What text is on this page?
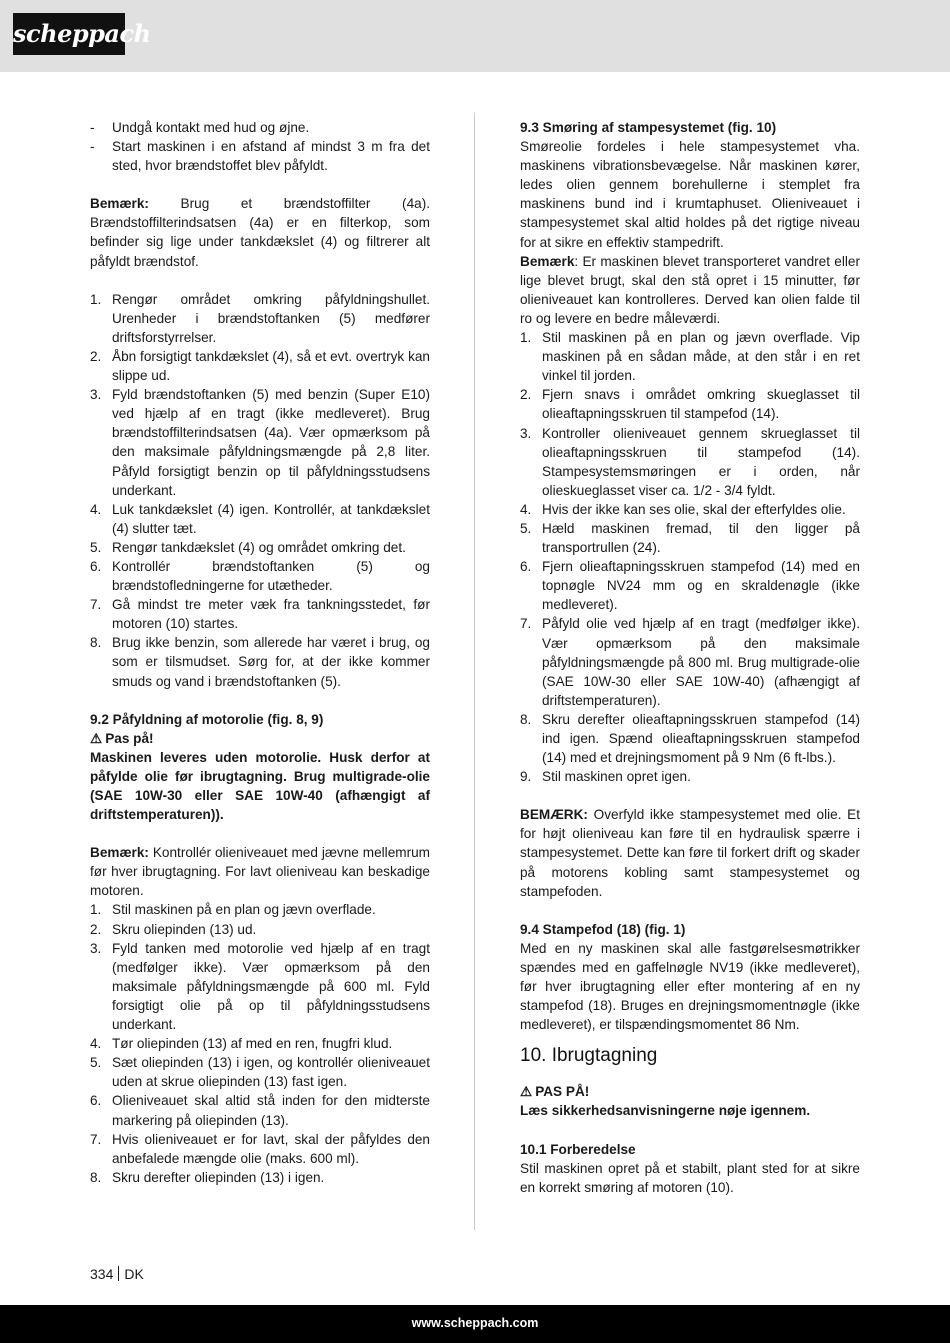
scheppach
- Undgå kontakt med hud og øjne.
- Start maskinen i en afstand af mindst 3 m fra det sted, hvor brændstoffet blev påfyldt.

Bemærk: Brug et brændstoffilter (4a). Brændstoffilterindsatsen (4a) er en filterkop, som befinder sig lige under tankdækslet (4) og filtrerer alt påfyldt brændstof.

1. Rengør området omkring påfyldningshullet. Urenheder i brændstoftanken (5) medfører driftsforstyrrelser.
2. Åbn forsigtigt tankdækslet (4), så et evt. overtryk kan slippe ud.
3. Fyld brændstoftanken (5) med benzin (Super E10) ved hjælp af en tragt (ikke medleveret). Brug brændstoffilterindsatsen (4a). Vær opmærksom på den maksimale påfyldningsmængde på 2,8 liter. Påfyld forsigtigt benzin op til påfyldningsstudsens underkant.
4. Luk tankdækslet (4) igen. Kontrollér, at tankdækslet (4) slutter tæt.
5. Rengør tankdækslet (4) og området omkring det.
6. Kontrollér brændstoftanken (5) og brændstofledningerne for utætheder.
7. Gå mindst tre meter væk fra tankningsstedet, før motoren (10) startes.
8. Brug ikke benzin, som allerede har været i brug, og som er tilsmudset. Sørg for, at der ikke kommer smuds og vand i brændstoftanken (5).

9.2 Påfyldning af motorolie (fig. 8, 9)

⚠ Pas på!

Maskinen leveres uden motorolie. Husk derfor at påfylde olie før ibrugtagning. Brug multigrade-olie (SAE 10W-30 eller SAE 10W-40 (afhængigt af driftstemperaturen)).

Bemærk: Kontrollér olieniveauet med jævne mellemrum før hver ibrugtagning. For lavt olieniveau kan beskadige motoren.

1. Stil maskinen på en plan og jævn overflade.
2. Skru oliepinden (13) ud.
3. Fyld tanken med motorolie ved hjælp af en tragt (medfølger ikke). Vær opmærksom på den maksimale påfyldningsmængde på 600 ml. Fyld forsigtigt olie på op til påfyldningsstudsens underkant.
4. Tør oliepinden (13) af med en ren, fnugfri klud.
5. Sæt oliepinden (13) i igen, og kontrollér olieniveauet uden at skrue oliepinden (13) fast igen.
6. Olieniveauet skal altid stå inden for den midterste markering på oliepinden (13).
7. Hvis olieniveauet er for lavt, skal der påfyldes den anbefalede mængde olie (maks. 600 ml).
8. Skru derefter oliepinden (13) i igen.

9.3 Smøring af stampesystemet (fig. 10)

Smøreolie fordeles i hele stampesystemet vha. maskinens vibrationsbevægelse. Når maskinen kører, ledes olien gennem borehullerne i stemplet fra maskinens bund ind i krumtaphuset. Olieniveauet i stampesystemet skal altid holdes på det rigtige niveau for at sikre en effektiv stampedrift.

Bemærk: Er maskinen blevet transporteret vandret eller lige blevet brugt, skal den stå opret i 15 minutter, før olieniveauet kan kontrolleres. Derved kan olien falde til ro og levere en bedre måleværdi.

1. Stil maskinen på en plan og jævn overflade. Vip maskinen på en sådan måde, at den står i en ret vinkel til jorden.
2. Fjern snavs i området omkring skueglasset til olieaftapningsskruen til stampefod (14).
3. Kontroller olieniveauet gennem skrueglasset til olieaftapningsskruen til stampefod (14). Stampesystemsmøringen er i orden, når olieskueglasset viser ca. 1/2 - 3/4 fyldt.
4. Hvis der ikke kan ses olie, skal der efterfyldes olie.
5. Hæld maskinen fremad, til den ligger på transportrullen (24).
6. Fjern olieaftapningsskruen stampefod (14) med en topnøgle NV24 mm og en skraldenøgle (ikke medleveret).
7. Påfyld olie ved hjælp af en tragt (medfølger ikke). Vær opmærksom på den maksimale påfyldningsmængde på 800 ml. Brug multigrade-olie (SAE 10W-30 eller SAE 10W-40) (afhængigt af driftstemperaturen).
8. Skru derefter olieaftapningsskruen stampefod (14) ind igen. Spænd olieaftapningsskruen stampefod (14) med et drejningsmoment på 9 Nm (6 ft-lbs.).
9. Stil maskinen opret igen.

BEMÆRK: Overfyld ikke stampesystemet med olie. Et for højt olieniveau kan føre til en hydraulisk spærre i stampesystemet. Dette kan føre til forkert drift og skader på motorens kobling samt stampesystemet og stampefoden.

9.4 Stampefod (18) (fig. 1)

Med en ny maskinen skal alle fastgørelsesmøtrikker spændes med en gaffelnøgle NV19 (ikke medleveret), før hver ibrugtagning eller efter montering af en ny stampefod (18). Bruges en drejningsmomentnøgle (ikke medleveret), er tilspændingsmomentet 86 Nm.

10. Ibrugtagning

⚠ PAS PÅ!

Læs sikkerhedsanvisningerne nøje igennem.

10.1 Forberedelse

Stil maskinen opret på et stabilt, plant sted for at sikre en korrekt smøring af motoren (10).

334 DK
www.scheppach.com
